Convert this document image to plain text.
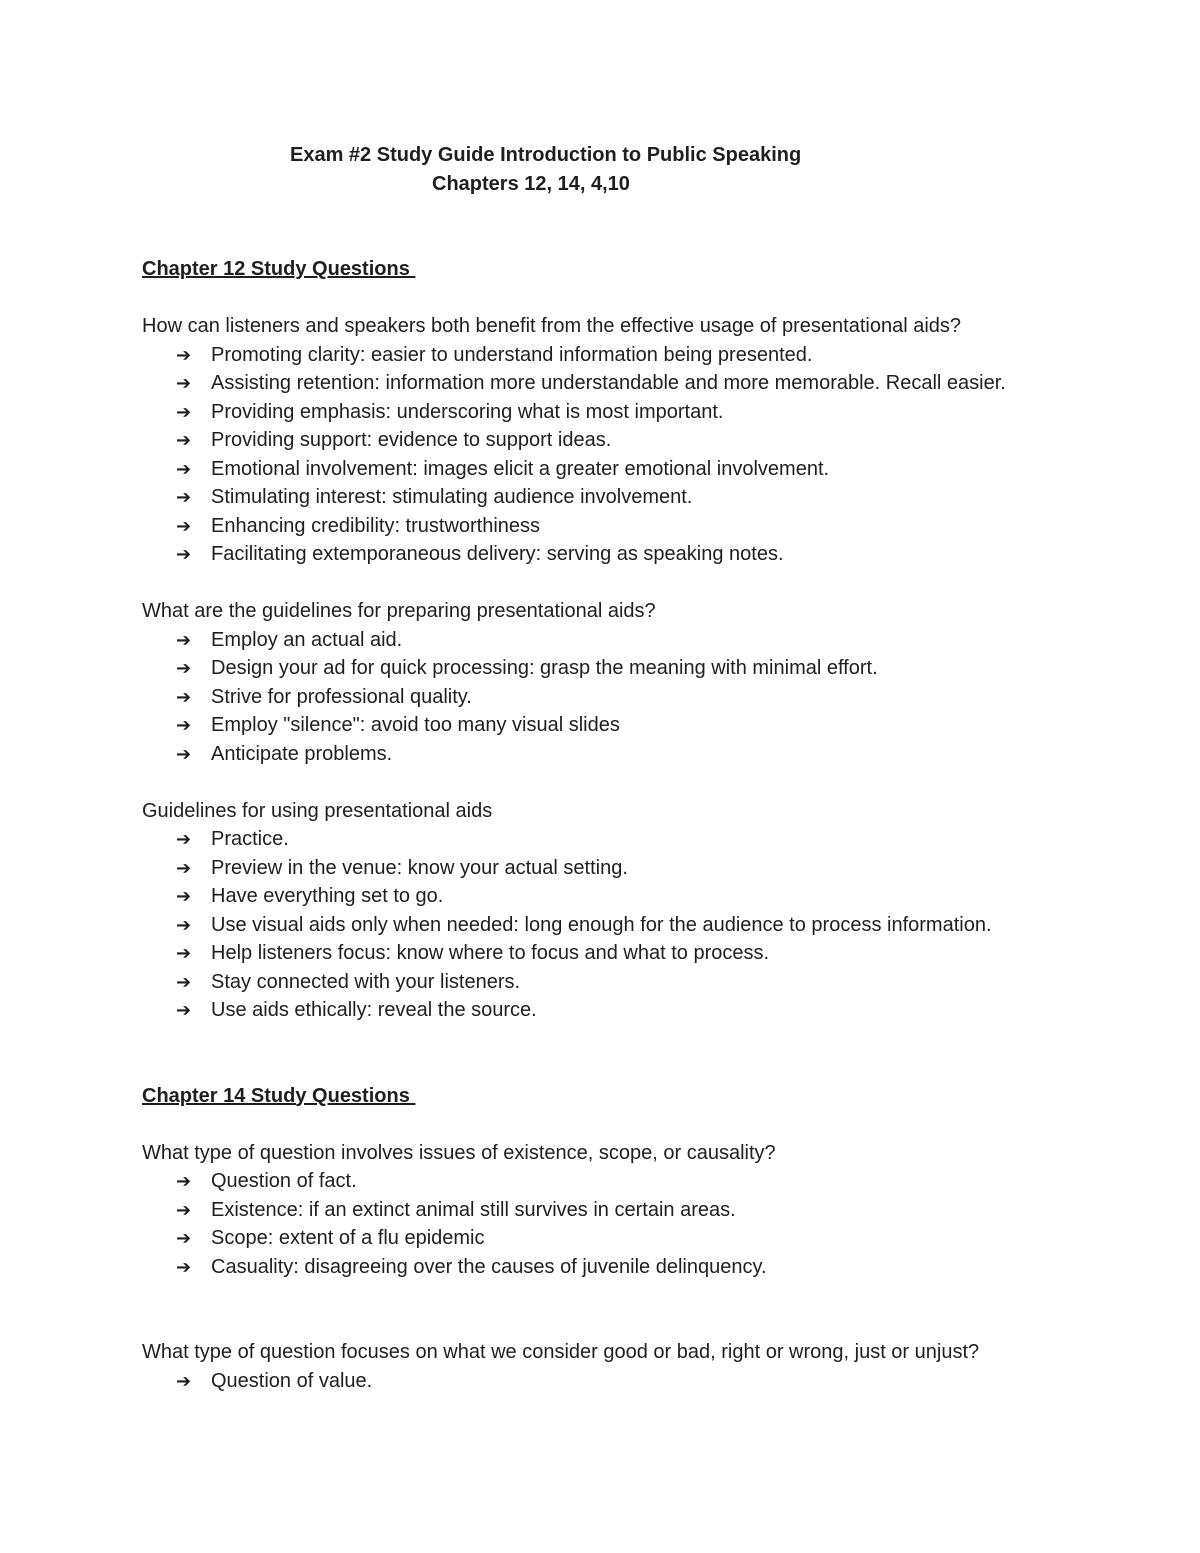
Exam #2 Study Guide Introduction to Public Speaking
Chapters 12, 14, 4,10

Chapter 12 Study Questions

How can listeners and speakers both benefit from the effective usage of presentational aids?

➔ Promoting clarity: easier to understand information being presented.
➔ Assisting retention: information more understandable and more memorable. Recall easier.
➔ Providing emphasis: underscoring what is most important.
➔ Providing support: evidence to support ideas.
➔ Emotional involvement: images elicit a greater emotional involvement.
➔ Stimulating interest: stimulating audience involvement.
➔ Enhancing credibility: trustworthiness
➔ Facilitating extemporaneous delivery: serving as speaking notes.

What are the guidelines for preparing presentational aids?

➔ Employ an actual aid.
➔ Design your ad for quick processing: grasp the meaning with minimal effort.
➔ Strive for professional quality.
➔ Employ "silence": avoid too many visual slides
➔ Anticipate problems.

Guidelines for using presentational aids

➔ Practice.
➔ Preview in the venue: know your actual setting.
➔ Have everything set to go.
➔ Use visual aids only when needed: long enough for the audience to process information.
➔ Help listeners focus: know where to focus and what to process.
➔ Stay connected with your listeners.
➔ Use aids ethically: reveal the source.

Chapter 14 Study Questions

What type of question involves issues of existence, scope, or causality?

➔ Question of fact.
➔ Existence: if an extinct animal still survives in certain areas.
➔ Scope: extent of a flu epidemic
➔ Casuality: disagreeing over the causes of juvenile delinquency.

What type of question focuses on what we consider good or bad, right or wrong, just or unjust?

➔ Question of value.
